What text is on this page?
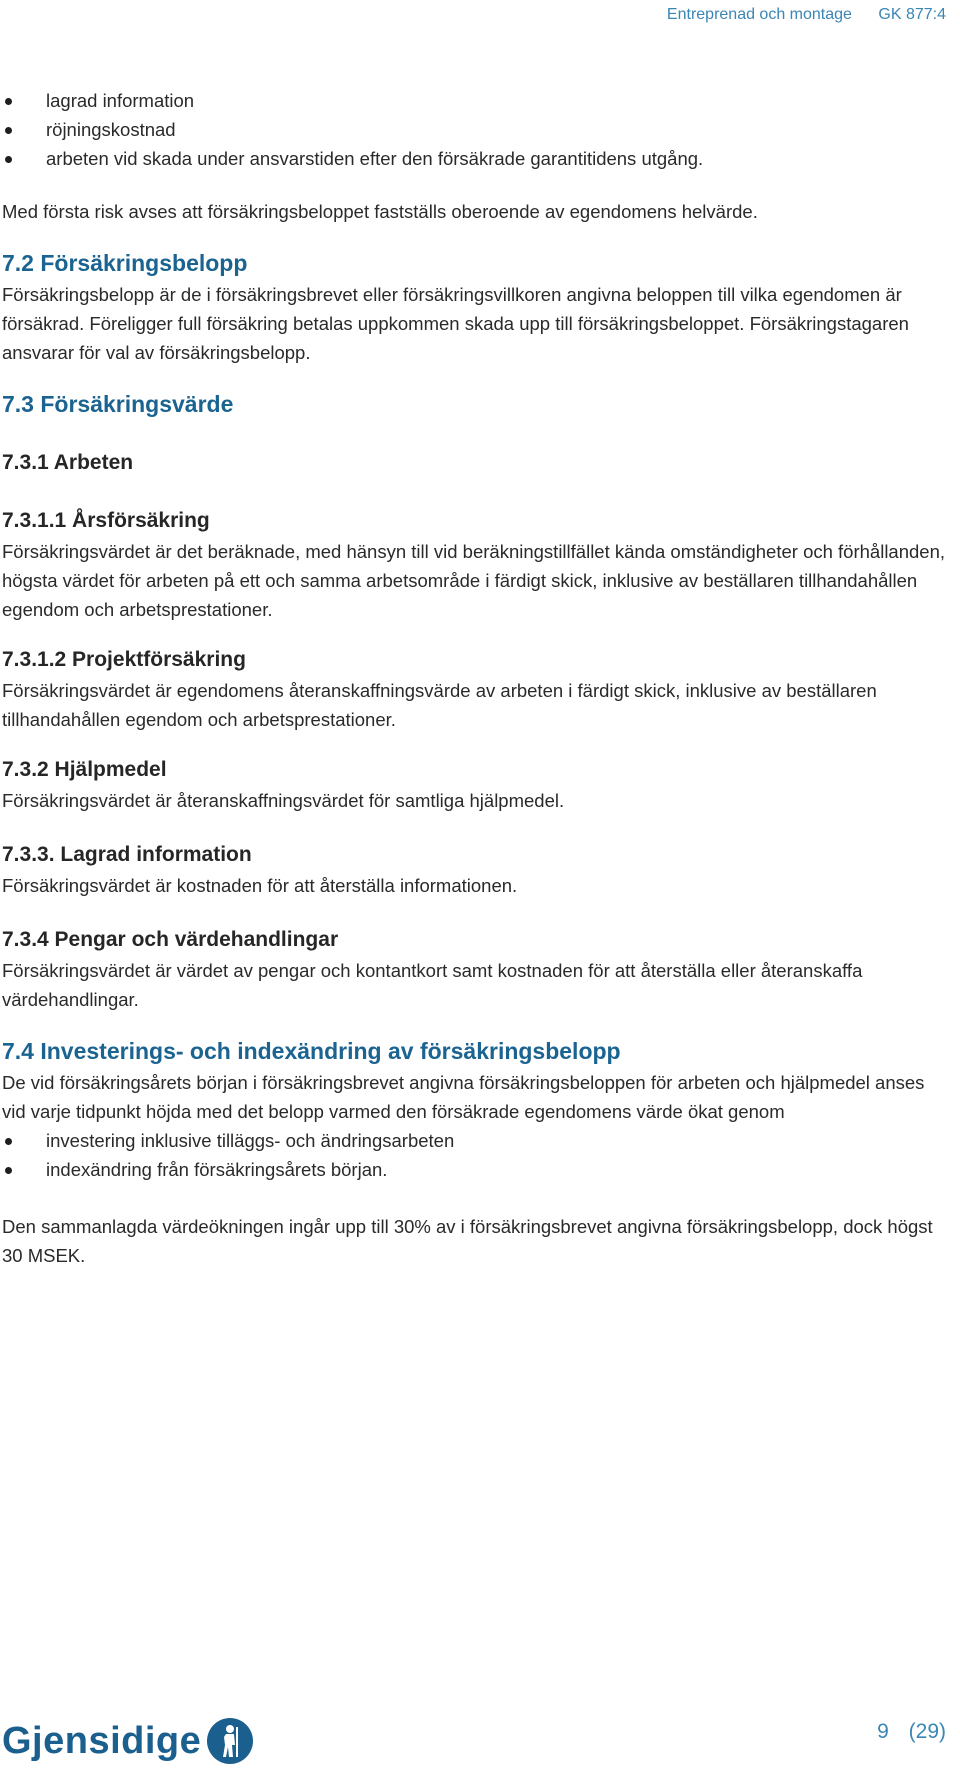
Entreprenad och montage GK 877:4
lagrad information
röjningskostnad
arbeten vid skada under ansvarstiden efter den försäkrade garantitidens utgång.

Med första risk avses att försäkringsbeloppet fastställs oberoende av egendomens helvärde.

7.2 Försäkringsbelopp

Försäkringsbelopp är de i försäkringsbrevet eller försäkringsvillkoren angivna beloppen till vilka egendomen är försäkrad. Föreligger full försäkring betalas uppkommen skada upp till försäkringsbeloppet. Försäkringstagaren ansvarar för val av försäkringsbelopp.

7.3 Försäkringsvärde
7.3.1 Arbeten
7.3.1.1 Årsförsäkring

Försäkringsvärdet är det beräknade, med hänsyn till vid beräkningstillfället kända omständigheter och förhållanden, högsta värdet för arbeten på ett och samma arbetsområde i färdigt skick, inklusive av beställaren tillhandahållen egendom och arbetsprestationer.

7.3.1.2 Projektförsäkring

Försäkringsvärdet är egendomens återanskaffningsvärde av arbeten i färdigt skick, inklusive av beställaren tillhandahållen egendom och arbetsprestationer.

7.3.2 Hjälpmedel

Försäkringsvärdet är återanskaffningsvärdet för samtliga hjälpmedel.

7.3.3. Lagrad information

Försäkringsvärdet är kostnaden för att återställa informationen.

7.3.4 Pengar och värdehandlingar

Försäkringsvärdet är värdet av pengar och kontantkort samt kostnaden för att återställa eller återanskaffa värdehandlingar.

7.4 Investerings- och indexändring av försäkringsbelopp

De vid försäkringsårets början i försäkringsbrevet angivna försäkringsbeloppen för arbeten och hjälpmedel anses vid varje tidpunkt höjda med det belopp varmed den försäkrade egendomens värde ökat genom

investering inklusive tilläggs- och ändringsarbeten
indexändring från försäkringsårets början.

Den sammanlagda värdeökningen ingår upp till 30% av i försäkringsbrevet angivna försäkringsbelopp, dock högst 30 MSEK.

Gjensidige	9 (29)
